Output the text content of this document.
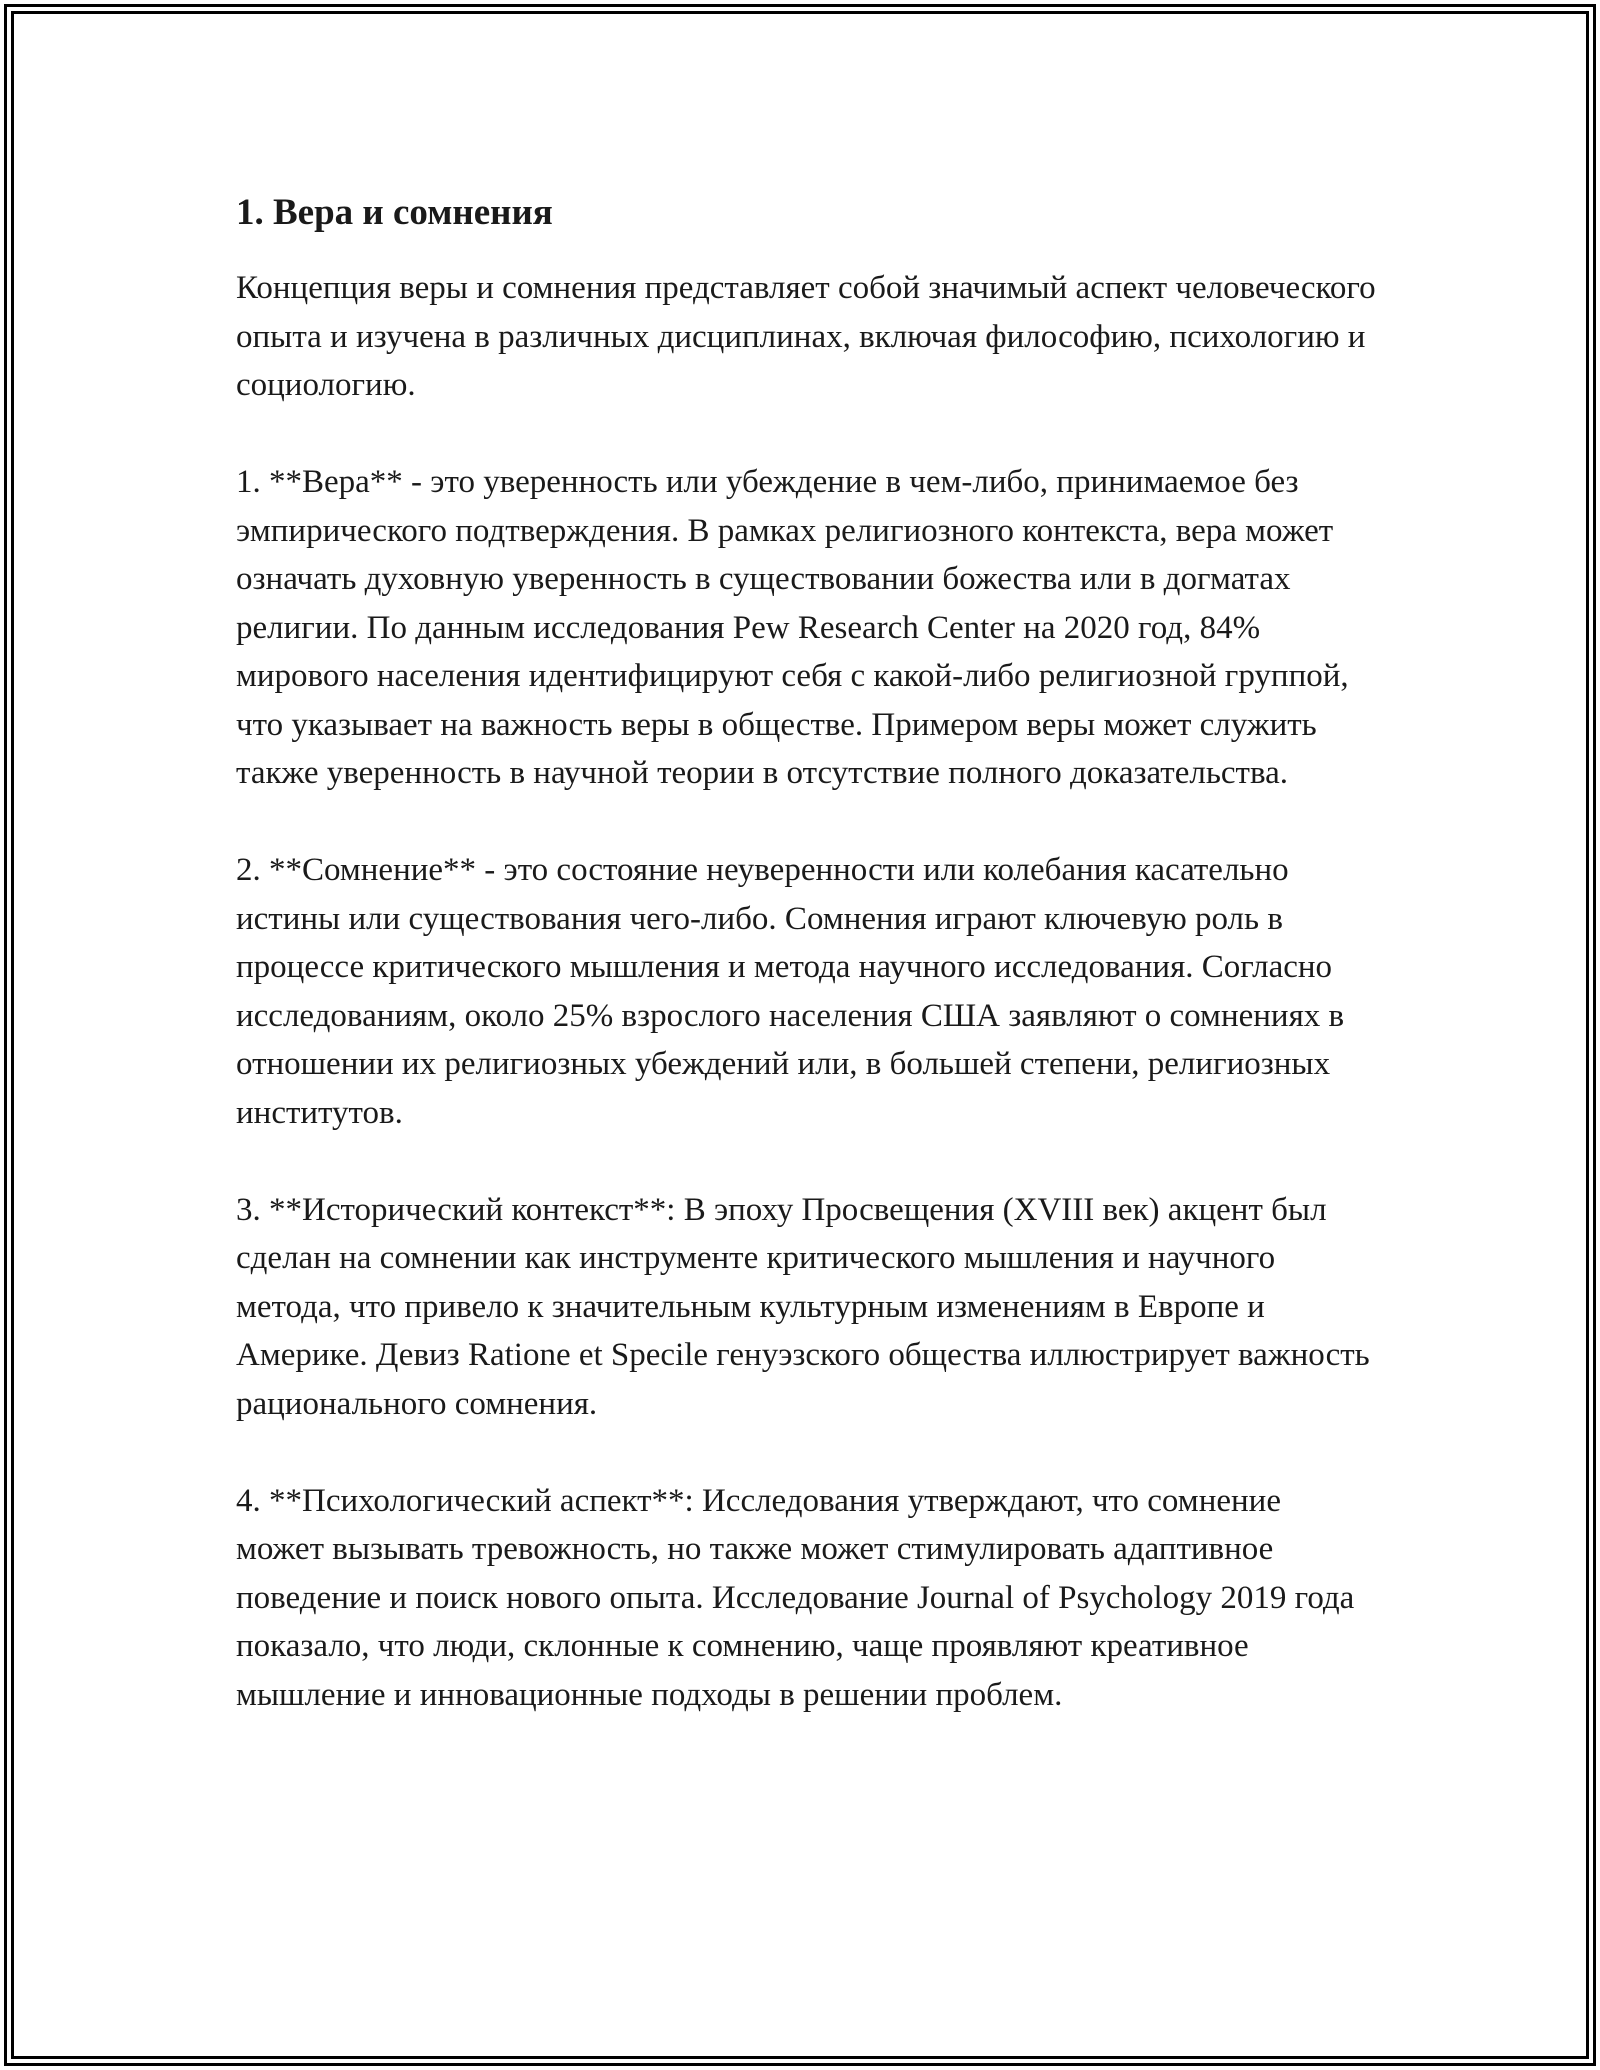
1. Вера и сомнения

Концепция веры и сомнения представляет собой значимый аспект человеческого опыта и изучена в различных дисциплинах, включая философию, психологию и социологию.

1. **Вера** - это уверенность или убеждение в чем-либо, принимаемое без эмпирического подтверждения. В рамках религиозного контекста, вера может означать духовную уверенность в существовании божества или в догматах религии. По данным исследования Pew Research Center на 2020 год, 84% мирового населения идентифицируют себя с какой-либо религиозной группой, что указывает на важность веры в обществе. Примером веры может служить также уверенность в научной теории в отсутствие полного доказательства.

2. **Сомнение** - это состояние неуверенности или колебания касательно истины или существования чего-либо. Сомнения играют ключевую роль в процессе критического мышления и метода научного исследования. Согласно исследованиям, около 25% взрослого населения США заявляют о сомнениях в отношении их религиозных убеждений или, в большей степени, религиозных институтов.

3. **Исторический контекст**: В эпоху Просвещения (XVIII век) акцент был сделан на сомнении как инструменте критического мышления и научного метода, что привело к значительным культурным изменениям в Европе и Америке. Девиз Ratione et Specile генуэзского общества иллюстрирует важность рационального сомнения.

4. **Психологический аспект**: Исследования утверждают, что сомнение может вызывать тревожность, но также может стимулировать адаптивное поведение и поиск нового опыта. Исследование Journal of Psychology 2019 года показало, что люди, склонные к сомнению, чаще проявляют креативное мышление и инновационные подходы в решении проблем.
